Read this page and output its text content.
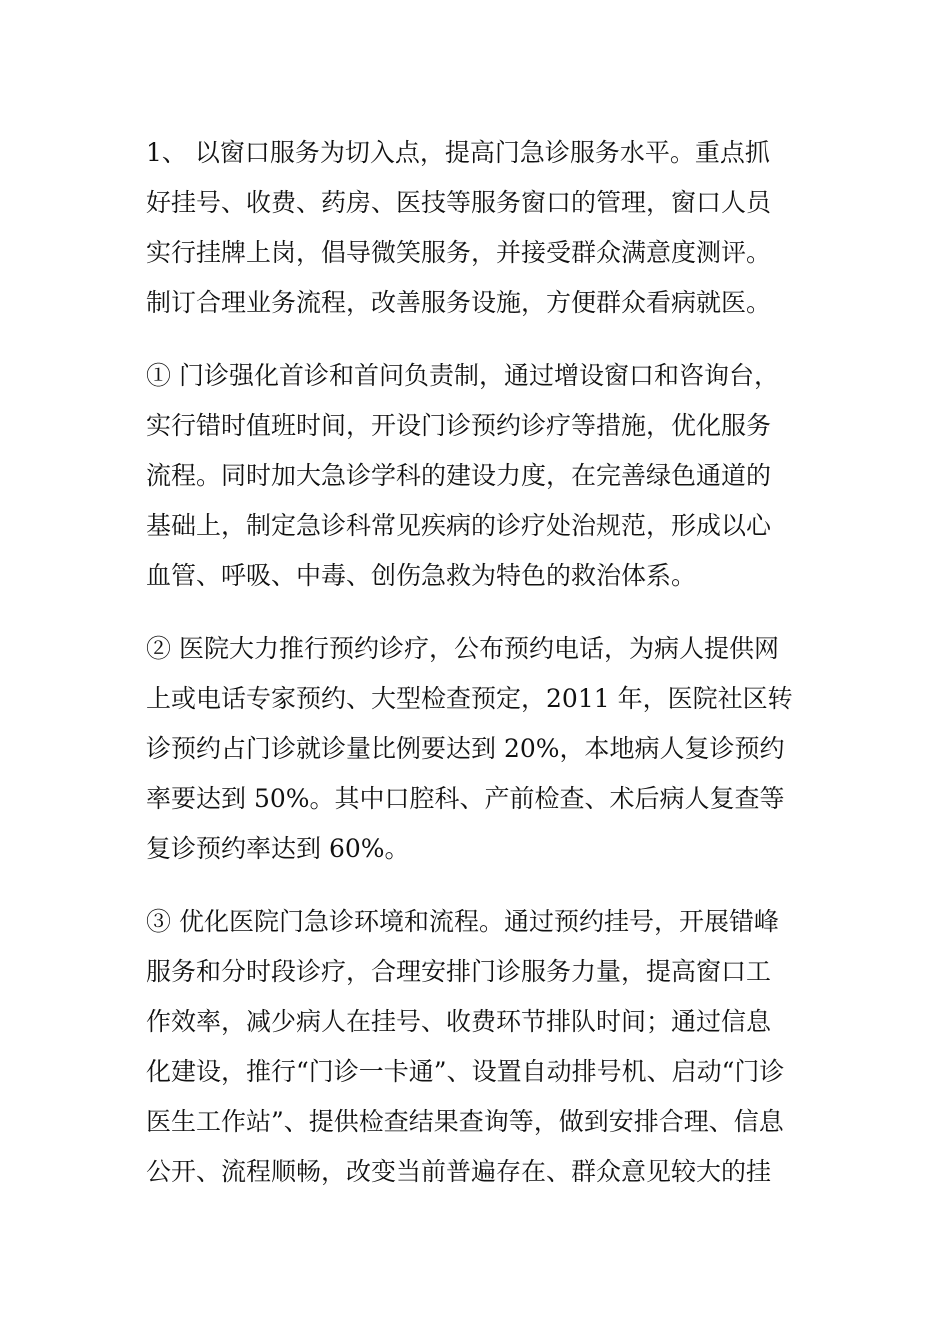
1、 以窗口服务为切入点，提高门急诊服务水平。重点抓
好挂号、收费、药房、医技等服务窗口的管理，窗口人员
实行挂牌上岗，倡导微笑服务，并接受群众满意度测评。
制订合理业务流程，改善服务设施，方便群众看病就医。
① 门诊强化首诊和首问负责制，通过增设窗口和咨询台，
实行错时值班时间，开设门诊预约诊疗等措施，优化服务
流程。同时加大急诊学科的建设力度，在完善绿色通道的
基础上，制定急诊科常见疾病的诊疗处治规范，形成以心
血管、呼吸、中毒、创伤急救为特色的救治体系。
② 医院大力推行预约诊疗，公布预约电话，为病人提供网
上或电话专家预约、大型检查预定，2011 年，医院社区转
诊预约占门诊就诊量比例要达到 20%，本地病人复诊预约
率要达到 50%。其中口腔科、产前检查、术后病人复查等
复诊预约率达到 60%。
③ 优化医院门急诊环境和流程。通过预约挂号，开展错峰
服务和分时段诊疗，合理安排门诊服务力量，提高窗口工
作效率，减少病人在挂号、收费环节排队时间；通过信息
化建设，推行“门诊一卡通”、设置自动排号机、启动“门诊
医生工作站”、提供检查结果查询等，做到安排合理、信息
公开、流程顺畅，改变当前普遍存在、群众意见较大的挂
